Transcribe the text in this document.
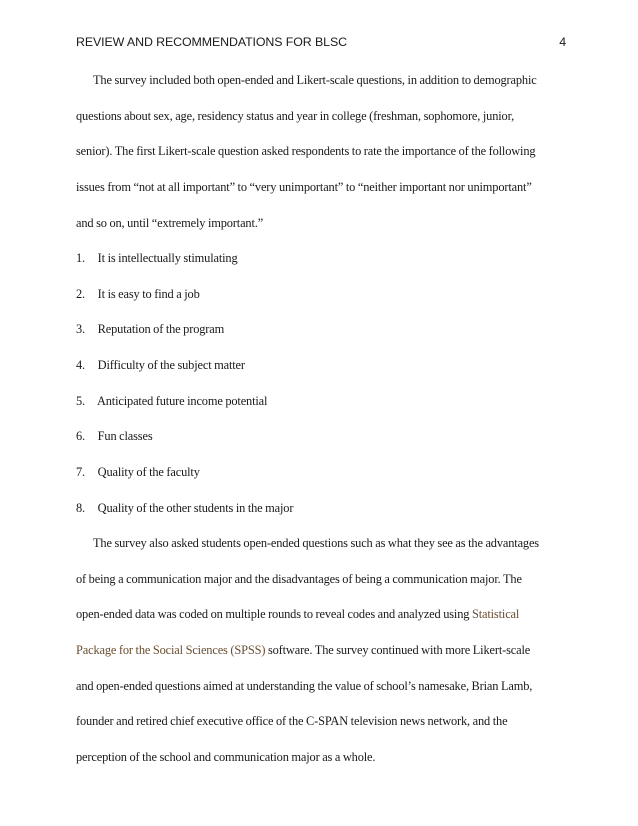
REVIEW AND RECOMMENDATIONS FOR BLSC	4
The survey included both open-ended and Likert-scale questions, in addition to demographic
questions about sex, age, residency status and year in college (freshman, sophomore, junior,
senior). The first Likert-scale question asked respondents to rate the importance of the following
issues from “not at all important” to “very unimportant” to “neither important nor unimportant”
and so on, until “extremely important.”
1. It is intellectually stimulating
2. It is easy to find a job
3. Reputation of the program
4. Difficulty of the subject matter
5. Anticipated future income potential
6. Fun classes
7. Quality of the faculty
8. Quality of the other students in the major
The survey also asked students open-ended questions such as what they see as the advantages
of being a communication major and the disadvantages of being a communication major. The
open-ended data was coded on multiple rounds to reveal codes and analyzed using Statistical
Package for the Social Sciences (SPSS) software. The survey continued with more Likert-scale
and open-ended questions aimed at understanding the value of school’s namesake, Brian Lamb,
founder and retired chief executive office of the C-SPAN television news network, and the
perception of the school and communication major as a whole.
